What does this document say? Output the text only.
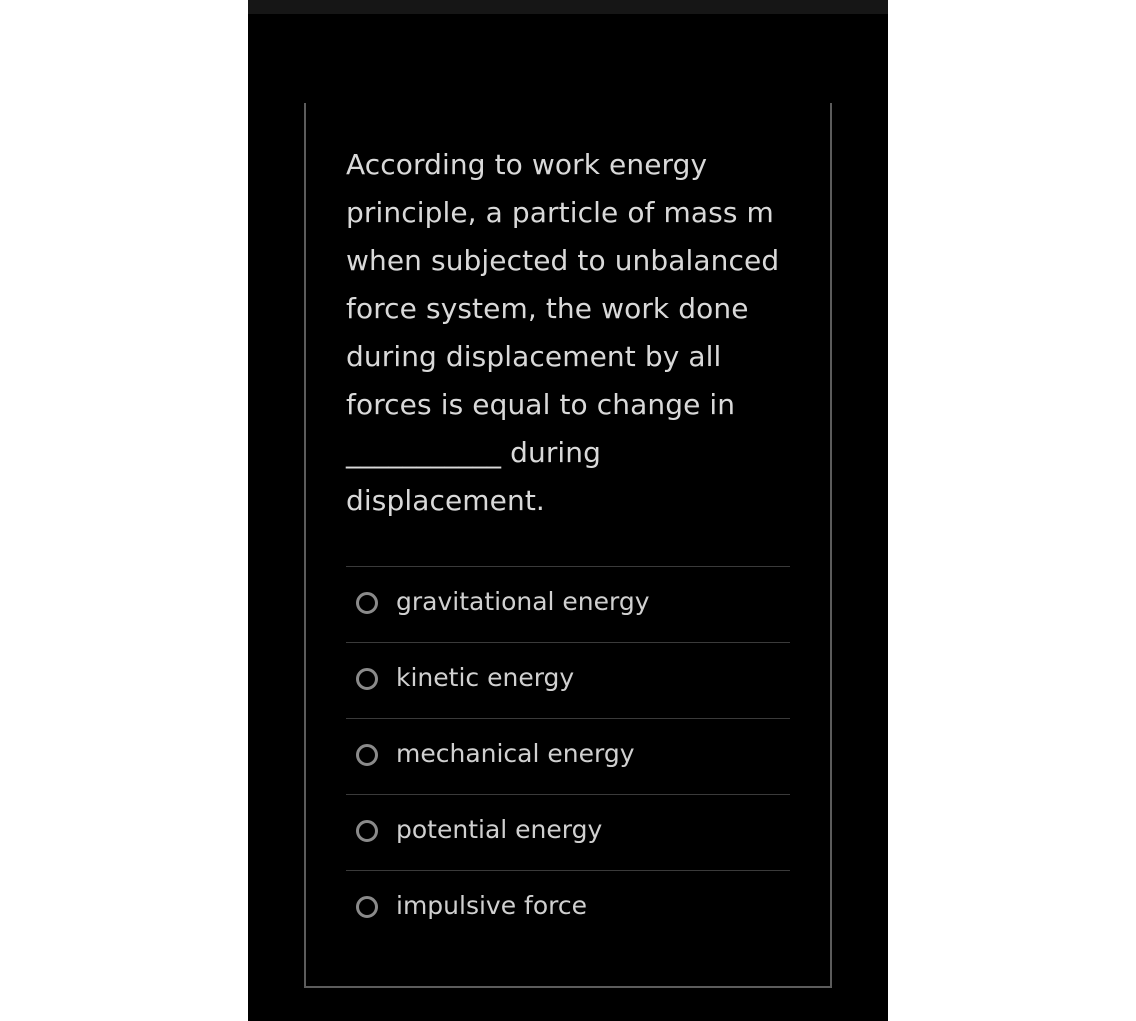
According to work energy
principle, a particle of mass m
when subjected to unbalanced
force system, the work done
during displacement by all
forces is equal to change in
___________ during
displacement.

gravitational energy
kinetic energy
mechanical energy
potential energy
impulsive force
